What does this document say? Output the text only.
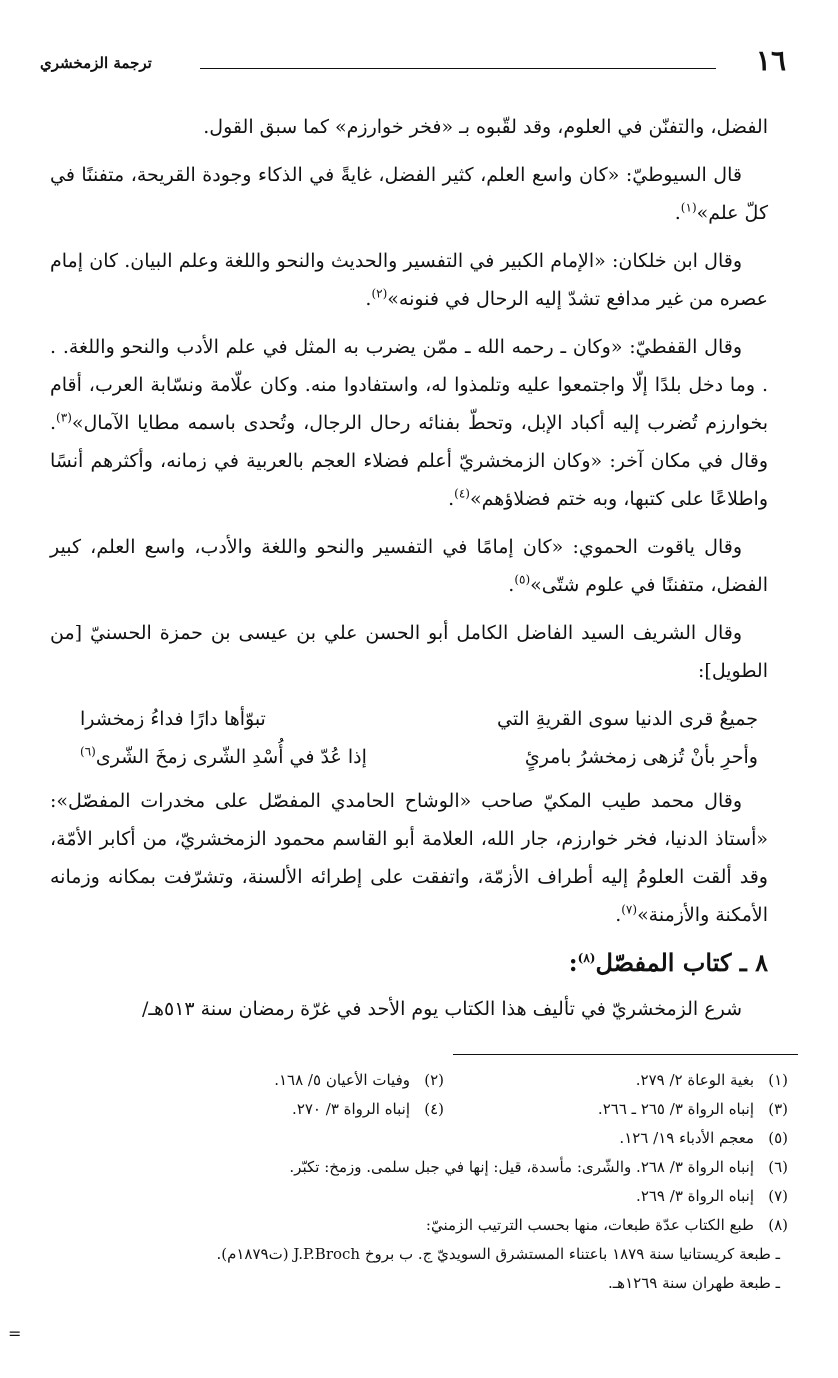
١٦
ترجمة الزمخشري

الفضل، والتفنّن في العلوم، وقد لقّبوه بـ «فخر خوارزم» كما سبق القول.

قال السيوطيّ: «كان واسع العلم، كثير الفضل، غايةً في الذكاء وجودة القريحة، متفننًا في كلّ علم»$^{(١)}$.

وقال ابن خلكان: «الإمام الكبير في التفسير والحديث والنحو واللغة وعلم البيان. كان إمام عصره من غير مدافع تشدّ إليه الرحال في فنونه»$^{(٢)}$.

وقال القفطيّ: «وكان ـ رحمه الله ـ ممّن يضرب به المثل في علم الأدب والنحو واللغة. . . وما دخل بلدًا إلّا واجتمعوا عليه وتلمذوا له، واستفادوا منه. وكان علّامة ونسّابة العرب، أقام بخوارزم تُضرب إليه أكباد الإبل، وتحطّ بفنائه رحال الرجال، وتُحدى باسمه مطايا الآمال»$^{(٣)}$. وقال في مكان آخر: «وكان الزمخشريّ أعلم فضلاء العجم بالعربية في زمانه، وأكثرهم أنسًا واطلاعًا على كتبها، وبه ختم فضلاؤهم»$^{(٤)}$.

وقال ياقوت الحموي: «كان إمامًا في التفسير والنحو واللغة والأدب، واسع العلم، كبير الفضل، متفننًا في علوم شتّى»$^{(٥)}$.

وقال الشريف السيد الفاضل الكامل أبو الحسن علي بن عيسى بن حمزة الحسنيّ [من الطويل]:

جميعُ قرى الدنيا سوى القريةِ التي
تبوّأها دارًا فداءُ زمخشرا
وأحرِ بأنْ تُزهى زمخشرُ بامرئٍ
إذا عُدّ في أُسْدِ الشّرى زمخَ الشّرى$^{(٦)}$

وقال محمد طيب المكيّ صاحب «الوشاح الحامدي المفصّل على مخدرات المفصّل»: «أستاذ الدنيا، فخر خوارزم، جار الله، العلامة أبو القاسم محمود الزمخشريّ، من أكابر الأمّة، وقد ألقت العلومُ إليه أطراف الأزمّة، واتفقت على إطرائه الألسنة، وتشرّفت بمكانه وزمانه الأمكنة والأزمنة»$^{(٧)}$.

٨ ـ كتاب المفصّل$^{(٨)}$:

شرع الزمخشريّ في تأليف هذا الكتاب يوم الأحد في غرّة رمضان سنة ٥١٣هـ/

(١)بغية الوعاة ٢/ ٢٧٩.
(٢)وفيات الأعيان ٥/ ١٦٨.
(٣)إنباه الرواة ٣/ ٢٦٥ ـ ٢٦٦.
(٤)إنباه الرواة ٣/ ٢٧٠.
(٥)معجم الأدباء ١٩/ ١٢٦.
(٦)إنباه الرواة ٣/ ٢٦٨. والشّرى: مأسدة، قيل: إنها في جبل سلمى. وزمخ: تكبّر.
(٧)إنباه الرواة ٣/ ٢٦٩.
(٨)طبع الكتاب عدّة طبعات، منها بحسب الترتيب الزمنيّ:
ـ طبعة كريستانيا سنة ١٨٧٩ باعتناء المستشرق السويديّ ج. ب بروخ J.P.Broch (ت١٨٧٩م).
ـ طبعة طهران سنة ١٢٦٩هـ.
=
